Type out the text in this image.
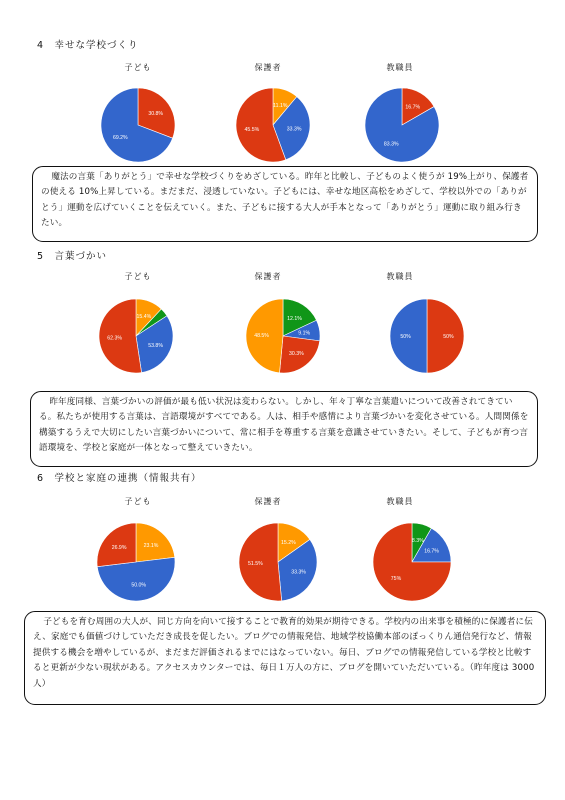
4　幸せな学校づくり
子ども	保護者	教職員
30.8%
69.2%
11.1%
33.3%
45.5%
16.7%
83.3%

魔法の言葉「ありがとう」で幸せな学校づくりをめざしている。昨年と比較し、子どものよく使うが 19%上がり、保護者の使える 10%上昇している。まだまだ、浸透していない。子どもには、幸せな地区高松をめざして、学校以外での「ありがとう」運動を広げていくことを伝えていく。また、子どもに接する大人が手本となって「ありがとう」運動に取り組み行きたい。

5　言葉づかい
子ども	保護者	教職員
15.4%
53.8%
62.3%
12.1%
9.1%
30.3%
48.5%	50%
50%

昨年度同様、言葉づかいの評価が最も低い状況は変わらない。しかし、年々丁寧な言葉遣いについて改善されてきている。私たちが使用する言葉は、言語環境がすべてである。人は、相手や感情により言葉づかいを変化させている。人間関係を構築するうえで大切にしたい言葉づかいについて、常に相手を尊重する言葉を意識させていきたい。そして、子どもが育つ言語環境を、学校と家庭が一体となって整えていきたい。

6　学校と家庭の連携（情報共有）
子ども	保護者	教職員
23.1%
50.0%
26.9%
15.2%
33.3%
51.5%
8.3%
16.7%
75%

子どもを育む周囲の大人が、同じ方向を向いて接することで教育的効果が期待できる。学校内の出来事を積極的に保護者に伝え、家庭でも価値づけしていただき成長を促したい。ブログでの情報発信、地域学校協働本部のぽっくりん通信発行など、情報提供する機会を増やしているが、まだまだ評価されるまでにはなっていない。毎日、ブログでの情報発信している学校と比較すると更新が少ない現状がある。アクセスカウンターでは、毎日１万人の方に、ブログを開いていただいている。（昨年度は 3000 人）
